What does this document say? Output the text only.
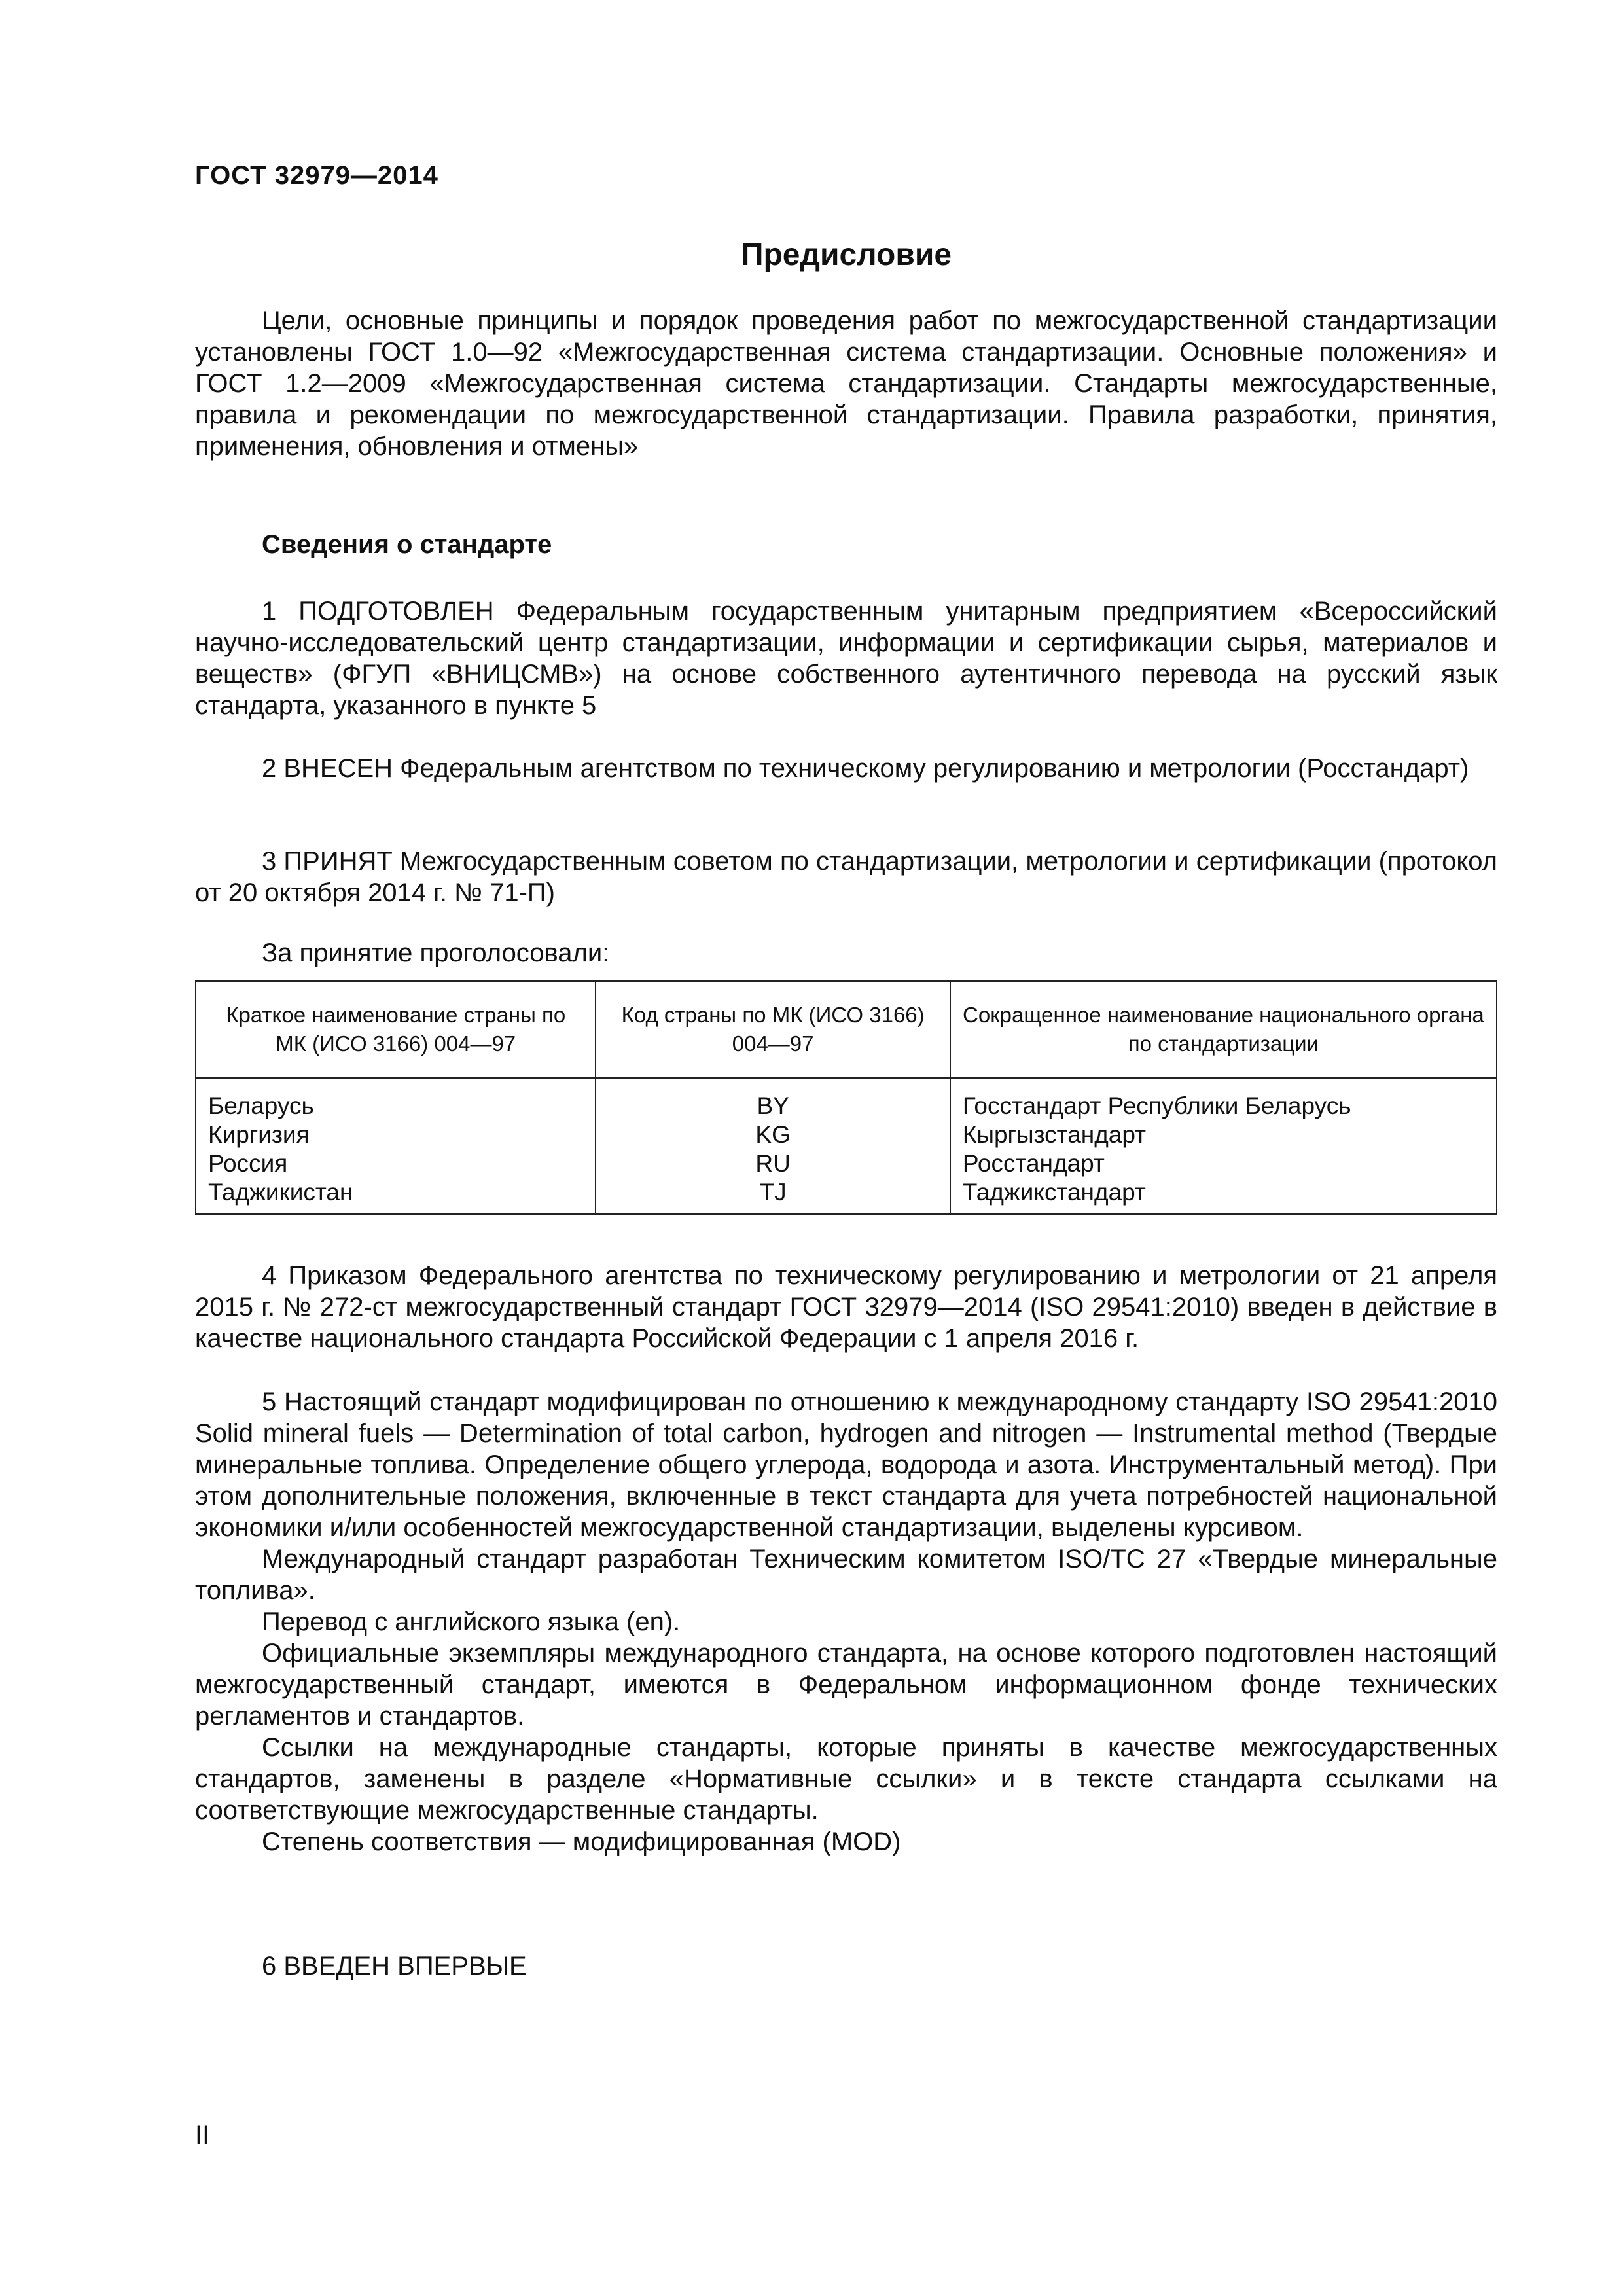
ГОСТ 32979—2014
Предисловие

Цели, основные принципы и порядок проведения работ по межгосударственной стандартизации установлены ГОСТ 1.0—92 «Межгосударственная система стандартизации. Основные положения» и ГОСТ 1.2—2009 «Межгосударственная система стандартизации. Стандарты межгосударственные, правила и рекомендации по межгосударственной стандартизации. Правила разработки, принятия, применения, обновления и отмены»

Сведения о стандарте

1 ПОДГОТОВЛЕН Федеральным государственным унитарным предприятием «Всероссийский научно-исследовательский центр стандартизации, информации и сертификации сырья, материалов и веществ» (ФГУП «ВНИЦСМВ») на основе собственного аутентичного перевода на русский язык стандарта, указанного в пункте 5

2 ВНЕСЕН Федеральным агентством по техническому регулированию и метрологии (Росстандарт)

3 ПРИНЯТ Межгосударственным советом по стандартизации, метрологии и сертификации (протокол от 20 октября 2014 г. № 71-П)

За принятие проголосовали:
Краткое наименование страны по МК (ИСО 3166) 004—97	Код страны по МК (ИСО 3166) 004—97	Сокращенное наименование национального органа по стандартизации
Беларусь	BY	Госстандарт Республики Беларусь
Киргизия	KG	Кыргызстандарт
Россия	RU	Росстандарт
Таджикистан	TJ	Таджикстандарт

4 Приказом Федерального агентства по техническому регулированию и метрологии от 21 апреля 2015 г. № 272-ст межгосударственный стандарт ГОСТ 32979—2014 (ISO 29541:2010) введен в действие в качестве национального стандарта Российской Федерации с 1 апреля 2016 г.

5 Настоящий стандарт модифицирован по отношению к международному стандарту ISO 29541:2010 Solid mineral fuels — Determination of total carbon, hydrogen and nitrogen — Instrumental method (Твердые минеральные топлива. Определение общего углерода, водорода и азота. Инструментальный метод). При этом дополнительные положения, включенные в текст стандарта для учета потребностей национальной экономики и/или особенностей межгосударственной стандартизации, выделены курсивом.

Международный стандарт разработан Техническим комитетом ISO/TC 27 «Твердые минеральные топлива».

Перевод с английского языка (en).

Официальные экземпляры международного стандарта, на основе которого подготовлен настоящий межгосударственный стандарт, имеются в Федеральном информационном фонде технических регламентов и стандартов.

Ссылки на международные стандарты, которые приняты в качестве межгосударственных стандартов, заменены в разделе «Нормативные ссылки» и в тексте стандарта ссылками на соответствующие межгосударственные стандарты.

Степень соответствия — модифицированная (MOD)

6 ВВЕДЕН ВПЕРВЫЕ

II
